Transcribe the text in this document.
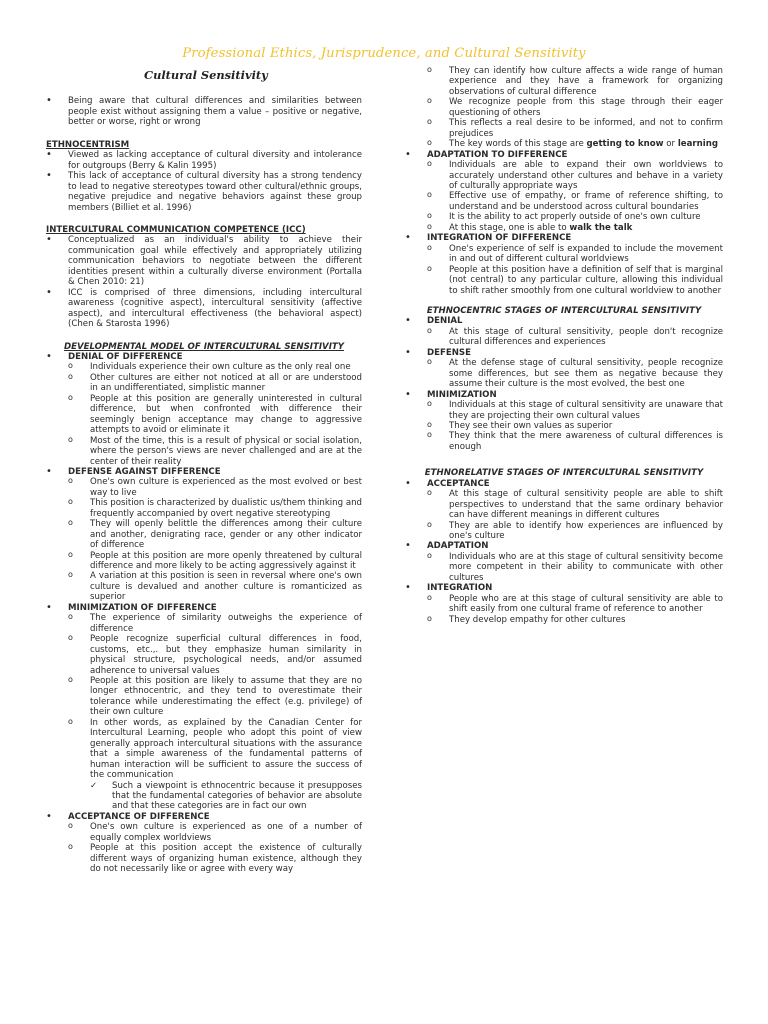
Professional Ethics, Jurisprudence, and Cultural Sensitivity
Cultural Sensitivity
• Being aware that cultural differences and similarities between people exist without assigning them a value – positive or negative, better or worse, right or wrong
ETHNOCENTRISM
• Viewed as lacking acceptance of cultural diversity and intolerance for outgroups (Berry & Kalin 1995)
• This lack of acceptance of cultural diversity has a strong tendency to lead to negative stereotypes toward other cultural/ethnic groups, negative prejudice and negative behaviors against these group members (Billiet et al. 1996)
INTERCULTURAL COMMUNICATION COMPETENCE (ICC)
• Conceptualized as an individual's ability to achieve their communication goal while effectively and appropriately utilizing communication behaviors to negotiate between the different identities present within a culturally diverse environment (Portalla & Chen 2010: 21)
• ICC is comprised of three dimensions, including intercultural awareness (cognitive aspect), intercultural sensitivity (affective aspect), and intercultural effectiveness (the behavioral aspect) (Chen & Starosta 1996)
DEVELOPMENTAL MODEL OF INTERCULTURAL SENSITIVITY
• DENIAL OF DIFFERENCE
o Individuals experience their own culture as the only real one
o Other cultures are either not noticed at all or are understood in an undifferentiated, simplistic manner
o People at this position are generally uninterested in cultural difference, but when confronted with difference their seemingly benign acceptance may change to aggressive attempts to avoid or eliminate it
o Most of the time, this is a result of physical or social isolation, where the person's views are never challenged and are at the center of their reality
• DEFENSE AGAINST DIFFERENCE
o One's own culture is experienced as the most evolved or best way to live
o This position is characterized by dualistic us/them thinking and frequently accompanied by overt negative stereotyping
o They will openly belittle the differences among their culture and another, denigrating race, gender or any other indicator of difference
o People at this position are more openly threatened by cultural difference and more likely to be acting aggressively against it
o A variation at this position is seen in reversal where one's own culture is devalued and another culture is romanticized as superior
• MINIMIZATION OF DIFFERENCE
o The experience of similarity outweighs the experience of difference
o People recognize superficial cultural differences in food, customs, etc.,. but they emphasize human similarity in physical structure, psychological needs, and/or assumed adherence to universal values
o People at this position are likely to assume that they are no longer ethnocentric, and they tend to overestimate their tolerance while underestimating the effect (e.g. privilege) of their own culture
o In other words, as explained by the Canadian Center for Intercultural Learning, people who adopt this point of view generally approach intercultural situations with the assurance that a simple awareness of the fundamental patterns of human interaction will be sufficient to assure the success of the communication
✓ Such a viewpoint is ethnocentric because it presupposes that the fundamental categories of behavior are absolute and that these categories are in fact our own
• ACCEPTANCE OF DIFFERENCE
o One's own culture is experienced as one of a number of equally complex worldviews
o People at this position accept the existence of culturally different ways of organizing human existence, although they do not necessarily like or agree with every way
o They can identify how culture affects a wide range of human experience and they have a framework for organizing observations of cultural difference
o We recognize people from this stage through their eager questioning of others
o This reflects a real desire to be informed, and not to confirm prejudices
o The key words of this stage are getting to know or learning
• ADAPTATION TO DIFFERENCE
o Individuals are able to expand their own worldviews to accurately understand other cultures and behave in a variety of culturally appropriate ways
o Effective use of empathy, or frame of reference shifting, to understand and be understood across cultural boundaries
o It is the ability to act properly outside of one's own culture
o At this stage, one is able to walk the talk
• INTEGRATION OF DIFFERENCE
o One's experience of self is expanded to include the movement in and out of different cultural worldviews
o People at this position have a definition of self that is marginal (not central) to any particular culture, allowing this individual to shift rather smoothly from one cultural worldview to another
ETHNOCENTRIC STAGES OF INTERCULTURAL SENSITIVITY
• DENIAL
o At this stage of cultural sensitivity, people don't recognize cultural differences and experiences
• DEFENSE
o At the defense stage of cultural sensitivity, people recognize some differences, but see them as negative because they assume their culture is the most evolved, the best one
• MINIMIZATION
o Individuals at this stage of cultural sensitivity are unaware that they are projecting their own cultural values
o They see their own values as superior
o They think that the mere awareness of cultural differences is enough
ETHNORELATIVE STAGES OF INTERCULTURAL SENSITIVITY
• ACCEPTANCE
o At this stage of cultural sensitivity people are able to shift perspectives to understand that the same ordinary behavior can have different meanings in different cultures
o They are able to identify how experiences are influenced by one's culture
• ADAPTATION
o Individuals who are at this stage of cultural sensitivity become more competent in their ability to communicate with other cultures
• INTEGRATION
o People who are at this stage of cultural sensitivity are able to shift easily from one cultural frame of reference to another
o They develop empathy for other cultures
